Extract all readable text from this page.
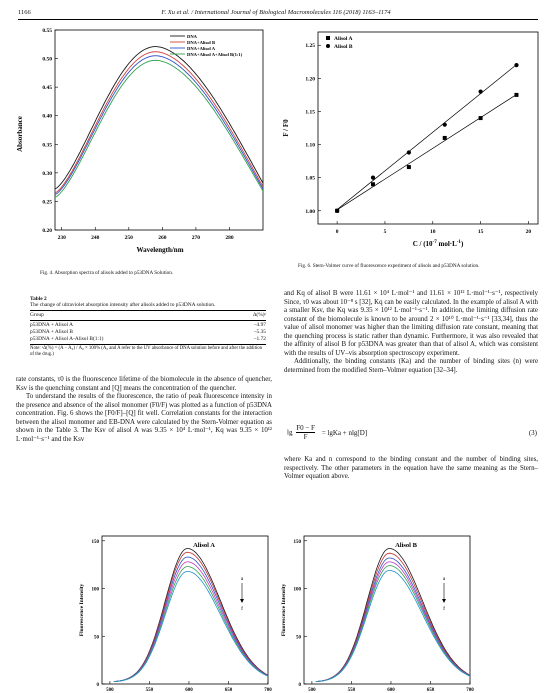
1166	F. Xu et al. / International Journal of Biological Macromolecules 116 (2018) 1163–1174
Absorbance
Wavelength/nm
0.20
0.25
0.30
0.35
0.40
0.45
0.50
0.55
230	240	250	260	270	280
DNA
DNA+Alisol B
DNA+Alisol A
DNA+Alisol A+Alisol B(1:1)
Fig. 4. Absorption spectra of alisols added to p53DNA Solution.
F / F0
C / ($10^{-7}$ $mol\cdot L^{-1}$)
1.00
1.05
1.10
1.15
1.20
1.25
0	5	10	15	20
Alisol A
Alisol B
Fig. 6. Stern-Volmer curve of fluorescence experiment of alisols and p53DNA solution.
Table 2
The change of ultraviolet absorption intensity after alisols added to p53DNA solution.
Group	Δ(%)ᵃ
p53DNA + Alisol A	−4.97
p53DNA + Alisol B	−5.35
p53DNA + Alisol A-Alisol B(1:1)	−1.72
Note: ᵃΔ(%) = (A − A₀) / A₀ × 100% (A₀ and A refer to the UV absorbance of DNA solution before and after the addition of the drug.)

rate constants, τ0 is the fluorescence lifetime of the biomolecule in the absence of quencher, Ksv is the quenching constant and [Q] means the concentration of the quencher.

To understand the results of the fluorescence, the ratio of peak fluorescence intensity in the presence and absence of the alisol monomer (F0/F) was plotted as a function of p53DNA concentration. Fig. 6 shows the [F0/F]–[Q] fit well. Correlation constants for the interaction between the alisol monomer and EB-DNA were calculated by the Stern-Volmer equation as shown in the Table 3. The Ksv of alisol A was 9.35 × 10⁴ L·mol⁻¹, Kq was 9.35 × 10¹² L·mol⁻¹·s⁻¹ and the Ksv

and Kq of alisol B were 11.61 × 10⁴ L·mol⁻¹ and 11.61 × 10¹² L·mol⁻¹·s⁻¹, respectively Since, τ0 was about 10⁻⁸ s [32], Kq can be easily calculated. In the example of alisol A with a smaller Ksv, the Kq was 9.35 × 10¹² L·mol⁻¹·s⁻¹. In addition, the limiting diffusion rate constant of the biomolecule is known to be around 2 × 10¹⁰ L·mol⁻¹·s⁻¹ [33,34], thus the value of alisol monomer was higher than the limiting diffusion rate constant, meaning that the quenching process is static rather than dynamic. Furthermore, it was also revealed that the affinity of alisol B for p53DNA was greater than that of alisol A, which was consistent with the results of UV–vis absorption spectroscopy experiment.

Additionally, the binding constants (Ka) and the number of binding sites (n) were determined from the modified Stern–Volmer equation [32–34].

$\lg \frac{F0 - F}{F}$ = lgKa + nlg[D]	(3)

where Ka and n correspond to the binding constant and the number of binding sites, respectively. The other parameters in the equation have the same meaning as the Stern–Volmer equation above.

Fluorescence Intensity
Alisol A
0
50
100
150
500	550	600	650	700
a
f	Fluorescence Intensity
Alisol B
0
50
100
150
500	550	600	650	700
a
f
